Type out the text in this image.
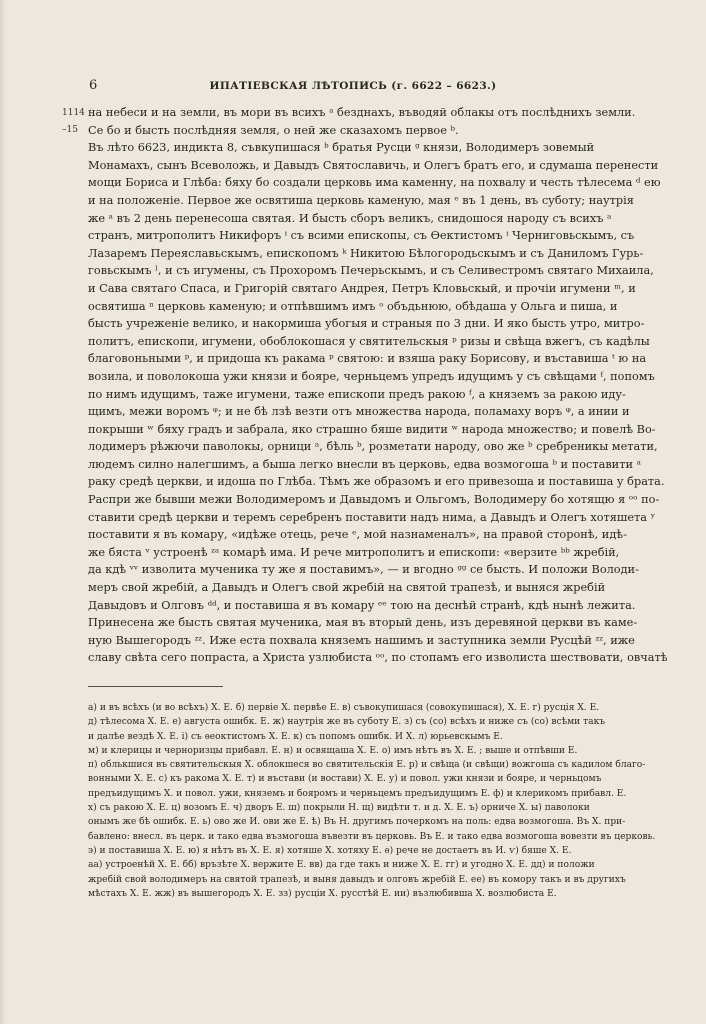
6	ИПАТІЕВСКАЯ ЛѢТОПИСЬ (г. 6622 – 6623.)
1114
–15
на небеси и на земли, въ мори въ всихъ ᵃ безднахъ, въводяй облакы отъ послѣднихъ земли.
Се бо и бысть послѣдняя земля, о ней же сказахомъ первое ᵇ.
Въ лѣто 6623, индикта 8, съвкупишася ᵇ братья Русци ᵍ князи, Володимеръ зовемый
Монамахъ, сынъ Всеволожь, и Давыдъ Святославичь, и Олегъ братъ его, и сдумаша перенести
мощи Бориса и Глѣба: бяху бо создали церковь има каменну, на похвалу и честь тѣлесема ᵈ ею
и на положеніе. Первое же освятиша церковь каменую, мая ᵉ въ 1 день, въ суботу; наутрія
же ᵃ въ 2 день перенесоша святая. И бысть сборъ великъ, снидошося народу съ всихъ ᵃ
странъ, митрополитъ Никифоръ ⁱ съ всими епископы, съ Ѳектистомъ ⁱ Черниговьскымъ, съ
Лазаремъ Переяславьскымъ, епископомъ ᵏ Никитою Бѣлогородьскымъ и съ Даниломъ Гурь-
говьскымъ ˡ, и съ игумены, съ Прохоромъ Печерьскымъ, и съ Селивестромъ святаго Михаила,
и Сава святаго Спаса, и Григорій святаго Андрея, Петръ Кловьскый, и прочіи игумени ᵐ, и
освятиша ⁿ церковь каменую; и отпѣвшимъ имъ ᵒ объдьнюю, обѣдаша у Ольга и пиша, и
бысть учреженіе велико, и накормиша убогыя и страныя по 3 дни. И яко бысть утро, митро-
политъ, епископи, игумени, обоблокошася у святительскыя ᵖ ризы и свѣща вжегъ, съ кадѣлы
благовоньными ᵖ, и придоша къ ракама ᵖ святою: и взяша раку Борисову, и въставиша ᵗ ю на
возила, и поволокоша ужи князи и бояре, черньцемъ упредъ идущимъ у съ свѣщами ᶠ, попомъ
по нимъ идущимъ, таже игумени, таже епископи предъ ракою ᶠ, а княземъ за ракою иду-
щимъ, межи воромъ ᵠ; и не бѣ лзѣ везти отъ множества народа, поламаху воръ ᵠ, а инии и
покрыши ʷ бяху градъ и забрала, яко страшно бяше видити ʷ народа множество; и повелѣ Во-
лодимеръ рѣжючи паволокы, орници ᵃ, бѣль ᵇ, розметати народу, ово же ᵇ сребреникы метати,
людемъ силно налегшимъ, а быша легко внесли въ церковь, едва возмогоша ᵇ и поставити ᵃ
раку средѣ церкви, и идоша по Глѣба. Тѣмъ же образомъ и его привезоша и поставиша у брата.
Распри же бывши межи Володимеромъ и Давыдомъ и Ольгомъ, Володимеру бо хотящю я ᵒᵒ по-
ставити средѣ церкви и теремъ серебренъ поставити надъ нима, а Давыдъ и Олегъ хотяшета ʸ
поставити я въ комару, «идѣже отець, рече ᵉ, мой назнаменалъ», на правой сторонѣ, идѣ-
же бяста ᵛ устроенѣ ᶻᵃ комарѣ има. И рече митрополитъ и епископи: «верзите ᵇᵇ жребій,
да кдѣ ᵛᵛ изволита мученика ту же я поставимъ», — и вгодно ᵍᵍ се бысть. И положи Володи-
меръ свой жребій, а Давыдъ и Олегъ свой жребій на святой трапезѣ, и выняся жребій
Давыдовъ и Олговъ ᵈᵈ, и поставиша я въ комару ᵉᵉ тою на деснѣй странѣ, кдѣ нынѣ лежита.
Принесена же бысть святая мученика, мая въ вторый день, изъ деревяной церкви въ каме-
ную Вышегородъ ᶻᶻ. Иже еста похвала княземъ нашимъ и заступника земли Русцѣй ᶻᶻ, иже
славу свѣта сего попраста, а Христа узлюбиста ᵒᵒ, по стопамъ его изволиста шествовати, овчатѣ
а) и въ всѣхъ (и во всѣхъ) Х. Е. б) первіе Х. первѣе Е. в) съвокупишася (совокупишася), Х. Е. г) русція Х. Е.
д) тѣлесома Х. Е. е) августа ошибк. Е. ж) наутрія же въ суботу Е. з) съ (со) всѣхъ и ниже съ (со) всѣми такъ
и далѣе вездѣ Х. Е. і) съ ѳеоктистомъ Х. Е. к) съ попомъ ошибк. И Х. л) юрьевскымъ Е.
м) и клерицы и черноризцы прибавл. Е. н) и освящаша Х. Е. о) имъ нѣтъ въ Х. Е. ; выше и отпѣвши Е.
п) облькшися въ святительскыя Х. облокшеся во святительскія Е. р) и свѣща (и свѣщи) вожгоша съ кадилом благо-
вонными Х. Е. с) къ ракома Х. Е. т) и въстави (и востави) Х. Е. у) и повол. ужи князи и бояре, и черньцомъ
предъидущимъ Х. и повол. ужи, княземъ и бояромъ и черньцемъ предъидущимъ Е. ф) и клерикомъ прибавл. Е.
х) съ ракою Х. Е. ц) возомъ Е. ч) дворъ Е. ш) покрыли Н. щ) видѣти т. и д. Х. Е. ъ) орниче Х. ы) паволоки
онымъ же бѣ ошибк. Е. ь) ово же И. ови же Е. ѣ) Въ Н. другимъ почеркомъ на поль: едва возмогоша. Въ Х. при-
бавлено: внесл. въ церк. и тако едва възмогоша въвезти въ церковь. Въ Е. и тако едва возмогоша вовезти въ церковь.
э) и поставиша Х. Е. ю) я нѣтъ въ Х. Е. я) хотяше Х. хотяху Е. ѳ) рече не достаетъ въ И. ѵ) бяше Х. Е.
аа) устроенѣй Х. Е. бб) връзѣте Х. вержите Е. вв) да где такъ и ниже Х. Е. гг) и угодно Х. Е. дд) и положи
жребій свой володимеръ на святой трапезѣ, и выня давыдъ и олговъ жребій Е. ее) въ комору такъ и въ другихъ
мѣстахъ Х. Е. жж) въ вышегородъ Х. Е. зз) русціи Х. русстѣй Е. ии) възлюбивша Х. возлюбиста Е.
